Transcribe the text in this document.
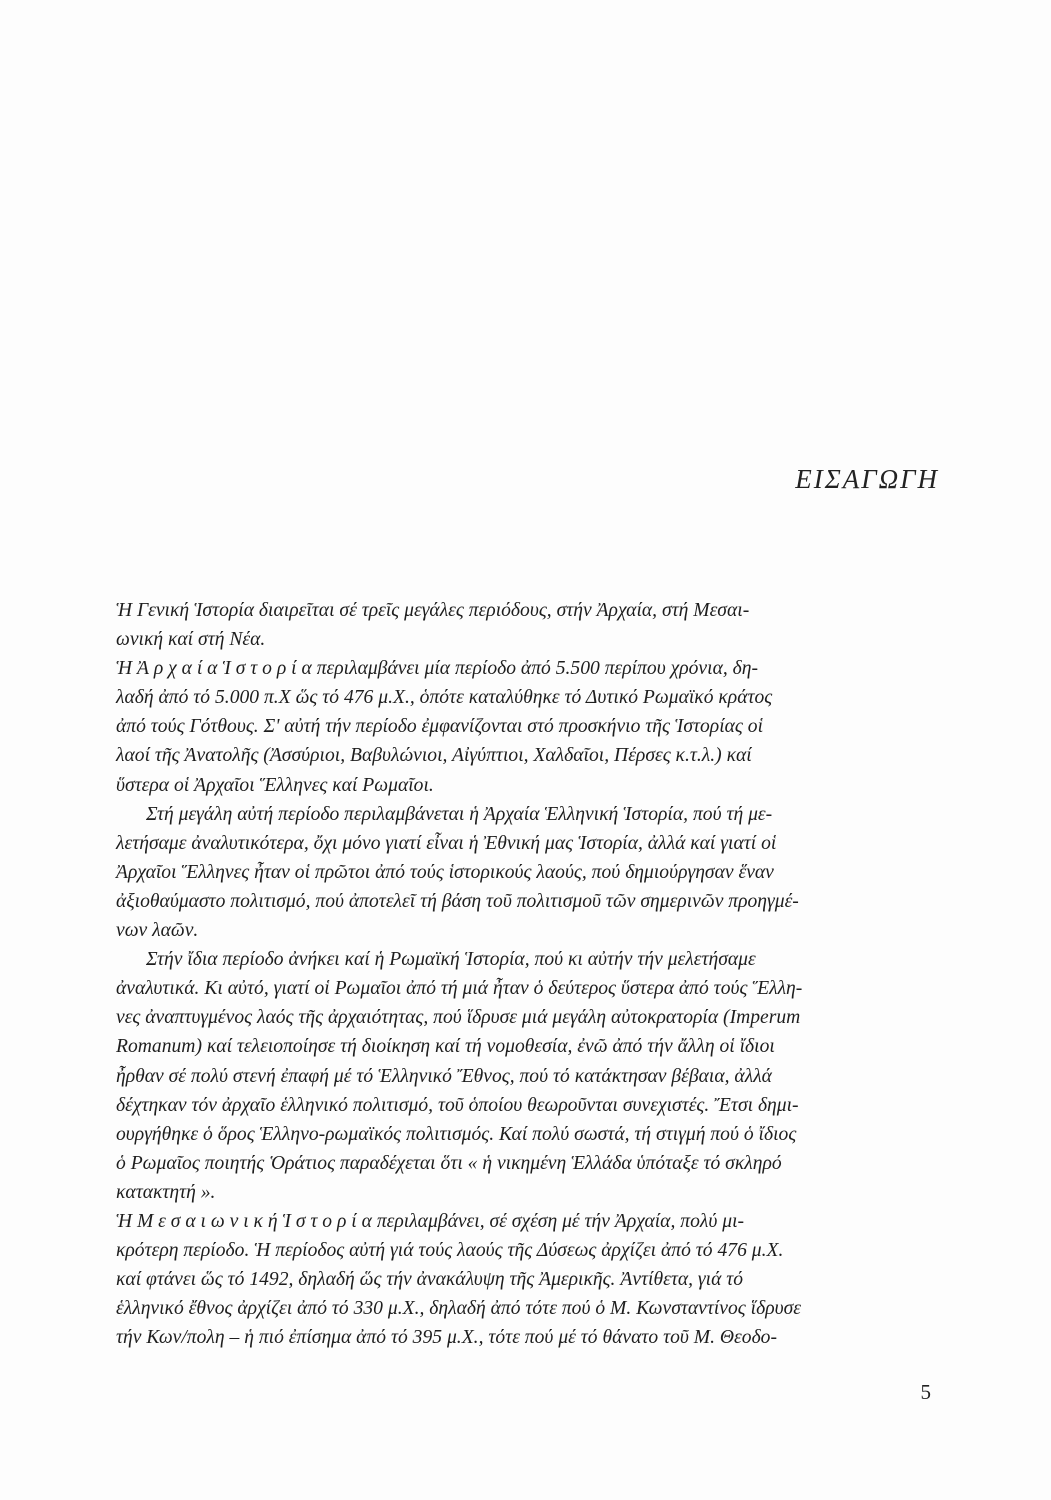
ΕΙΣΑΓΩΓΗ
Ἡ Γενική Ἱστορία διαιρεῖται σέ τρεῖς μεγάλες περιόδους, στήν Ἀρχαία, στή Μεσαι-
ωνική καί στή Νέα.
Ἡ Ἀ ρ χ α ί α Ἱ σ τ ο ρ ί α περιλαμβάνει μία περίοδο ἀπό 5.500 περίπου χρόνια, δη-
λαδή ἀπό τό 5.000 π.Χ ὥς τό 476 μ.Χ., ὁπότε καταλύθηκε τό Δυτικό Ρωμαϊκό κράτος
ἀπό τούς Γότθους. Σ' αὐτή τήν περίοδο ἐμφανίζονται στό προσκήνιο τῆς Ἱστορίας οἱ
λαοί τῆς Ἀνατολῆς (Ἀσσύριοι, Βαβυλώνιοι, Αἰγύπτιοι, Χαλδαῖοι, Πέρσες κ.τ.λ.) καί
ὕστερα οἱ Ἀρχαῖοι Ἕλληνες καί Ρωμαῖοι.
Στή μεγάλη αὐτή περίοδο περιλαμβάνεται ἡ Ἀρχαία Ἑλληνική Ἱστορία, πού τή με-
λετήσαμε ἀναλυτικότερα, ὄχι μόνο γιατί εἶναι ἡ Ἐθνική μας Ἱστορία, ἀλλά καί γιατί οἱ
Ἀρχαῖοι Ἕλληνες ἦταν οἱ πρῶτοι ἀπό τούς ἱστορικούς λαούς, πού δημιούργησαν ἕναν
ἀξιοθαύμαστο πολιτισμό, πού ἀποτελεῖ τή βάση τοῦ πολιτισμοῦ τῶν σημερινῶν προηγμέ-
νων λαῶν.
Στήν ἴδια περίοδο ἀνήκει καί ἡ Ρωμαϊκή Ἱστορία, πού κι αὐτήν τήν μελετήσαμε
ἀναλυτικά. Κι αὐτό, γιατί οἱ Ρωμαῖοι ἀπό τή μιά ἦταν ὁ δεύτερος ὕστερα ἀπό τούς Ἕλλη-
νες ἀναπτυγμένος λαός τῆς ἀρχαιότητας, πού ἵδρυσε μιά μεγάλη αὐτοκρατορία (Imperum
Romanum) καί τελειοποίησε τή διοίκηση καί τή νομοθεσία, ἐνῶ ἀπό τήν ἄλλη οἱ ἴδιοι
ἦρθαν σέ πολύ στενή ἐπαφή μέ τό Ἑλληνικό Ἔθνος, πού τό κατάκτησαν βέβαια, ἀλλά
δέχτηκαν τόν ἀρχαῖο ἑλληνικό πολιτισμό, τοῦ ὁποίου θεωροῦνται συνεχιστές. Ἔτσι δημι-
ουργήθηκε ὁ ὅρος Ἑλληνο-ρωμαϊκός πολιτισμός. Καί πολύ σωστά, τή στιγμή πού ὁ ἴδιος
ὁ Ρωμαῖος ποιητής Ὁράτιος παραδέχεται ὅτι « ἡ νικημένη Ἑλλάδα ὑπόταξε τό σκληρό
κατακτητή ».
Ἡ Μ ε σ α ι ω ν ι κ ή Ἱ σ τ ο ρ ί α περιλαμβάνει, σέ σχέση μέ τήν Ἀρχαία, πολύ μι-
κρότερη περίοδο. Ἡ περίοδος αὐτή γιά τούς λαούς τῆς Δύσεως ἀρχίζει ἀπό τό 476 μ.Χ.
καί φτάνει ὥς τό 1492, δηλαδή ὥς τήν ἀνακάλυψη τῆς Ἀμερικῆς. Ἀντίθετα, γιά τό
ἑλληνικό ἔθνος ἀρχίζει ἀπό τό 330 μ.Χ., δηλαδή ἀπό τότε πού ὁ Μ. Κωνσταντίνος ἵδρυσε
τήν Κων/πολη – ἡ πιό ἐπίσημα ἀπό τό 395 μ.Χ., τότε πού μέ τό θάνατο τοῦ Μ. Θεοδο-

5
